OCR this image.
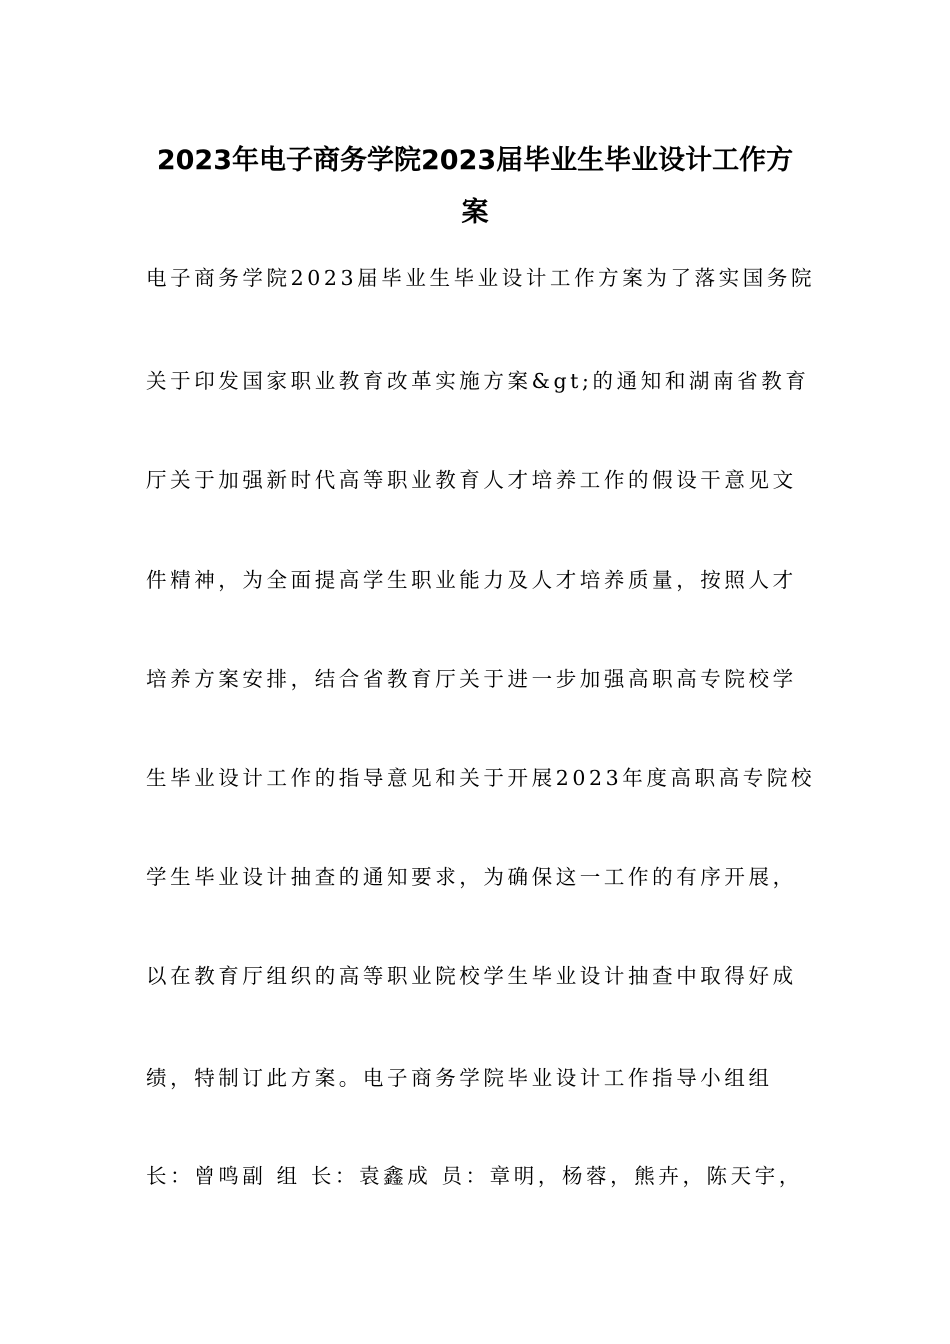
2023年电子商务学院2023届毕业生毕业设计工作方
案
电子商务学院2023届毕业生毕业设计工作方案为了落实国务院
关于印发国家职业教育改革实施方案&gt;的通知和湖南省教育
厅关于加强新时代高等职业教育人才培养工作的假设干意见文
件精神，为全面提高学生职业能力及人才培养质量，按照人才
培养方案安排，结合省教育厅关于进一步加强高职高专院校学
生毕业设计工作的指导意见和关于开展2023年度高职高专院校
学生毕业设计抽查的通知要求，为确保这一工作的有序开展，
以在教育厅组织的高等职业院校学生毕业设计抽查中取得好成
绩，特制订此方案。电子商务学院毕业设计工作指导小组组
长：曾鸣副 组 长：袁鑫成 员：章明，杨蓉，熊卉，陈天宇，
